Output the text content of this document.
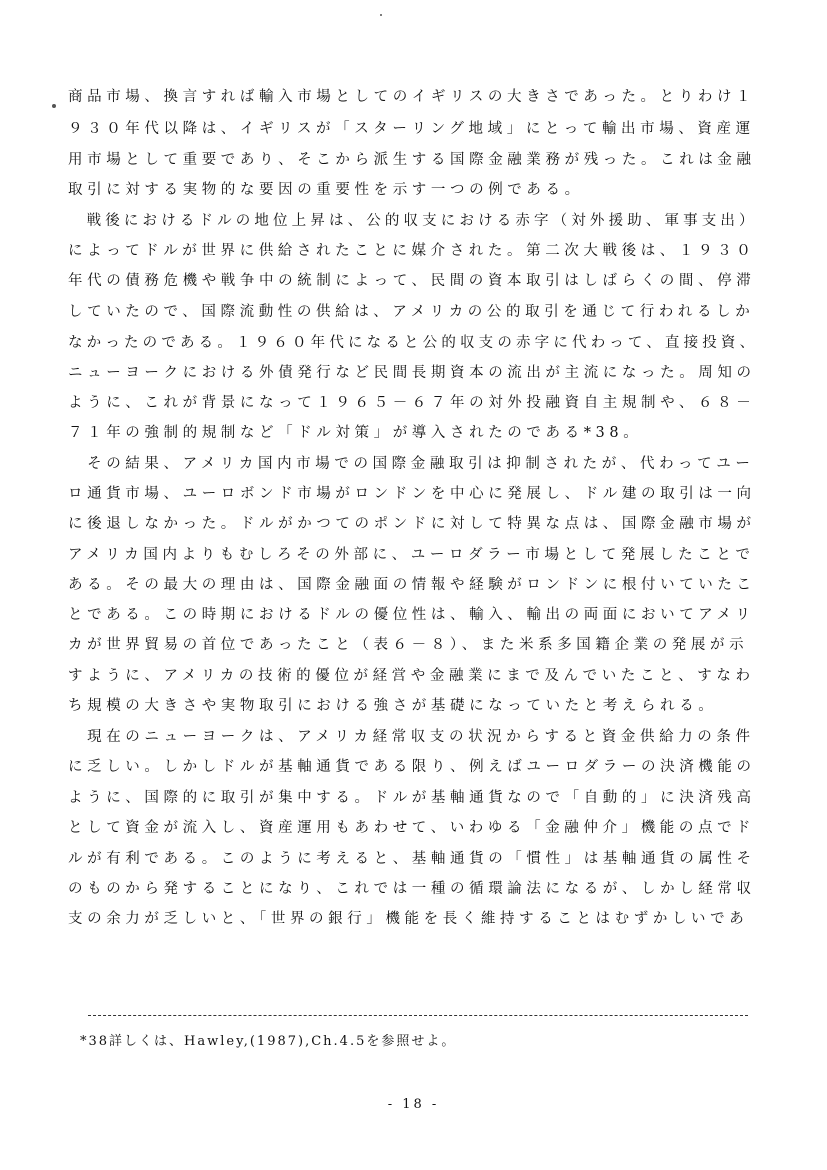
商品市場、換言すれば輸入市場としてのイギリスの大きさであった。とりわけ１
９３０年代以降は、イギリスが「スターリング地域」にとって輸出市場、資産運
用市場として重要であり、そこから派生する国際金融業務が残った。これは金融
取引に対する実物的な要因の重要性を示す一つの例である。
　戦後におけるドルの地位上昇は、公的収支における赤字（対外援助、軍事支出）
によってドルが世界に供給されたことに媒介された。第二次大戦後は、１９３０
年代の債務危機や戦争中の統制によって、民間の資本取引はしばらくの間、停滞
していたので、国際流動性の供給は、アメリカの公的取引を通じて行われるしか
なかったのである。１９６０年代になると公的収支の赤字に代わって、直接投資、
ニューヨークにおける外債発行など民間長期資本の流出が主流になった。周知の
ように、これが背景になって１９６５－６７年の対外投融資自主規制や、６８－
７１年の強制的規制など「ドル対策」が導入されたのである*38。
　その結果、アメリカ国内市場での国際金融取引は抑制されたが、代わってユー
ロ通貨市場、ユーロボンド市場がロンドンを中心に発展し、ドル建の取引は一向
に後退しなかった。ドルがかつてのポンドに対して特異な点は、国際金融市場が
アメリカ国内よりもむしろその外部に、ユーロダラー市場として発展したことで
ある。その最大の理由は、国際金融面の情報や経験がロンドンに根付いていたこ
とである。この時期におけるドルの優位性は、輸入、輸出の両面においてアメリ
カが世界貿易の首位であったこと（表６－８）、また米系多国籍企業の発展が示
すように、アメリカの技術的優位が経営や金融業にまで及んでいたこと、すなわ
ち規模の大きさや実物取引における強さが基礎になっていたと考えられる。
　現在のニューヨークは、アメリカ経常収支の状況からすると資金供給力の条件
に乏しい。しかしドルが基軸通貨である限り、例えばユーロダラーの決済機能の
ように、国際的に取引が集中する。ドルが基軸通貨なので「自動的」に決済残高
として資金が流入し、資産運用もあわせて、いわゆる「金融仲介」機能の点でド
ルが有利である。このように考えると、基軸通貨の「慣性」は基軸通貨の属性そ
のものから発することになり、これでは一種の循環論法になるが、しかし経常収
支の余力が乏しいと、「世界の銀行」機能を長く維持することはむずかしいであ
*38詳しくは、Hawley,(1987),Ch.4.5を参照せよ。
- 18 -
